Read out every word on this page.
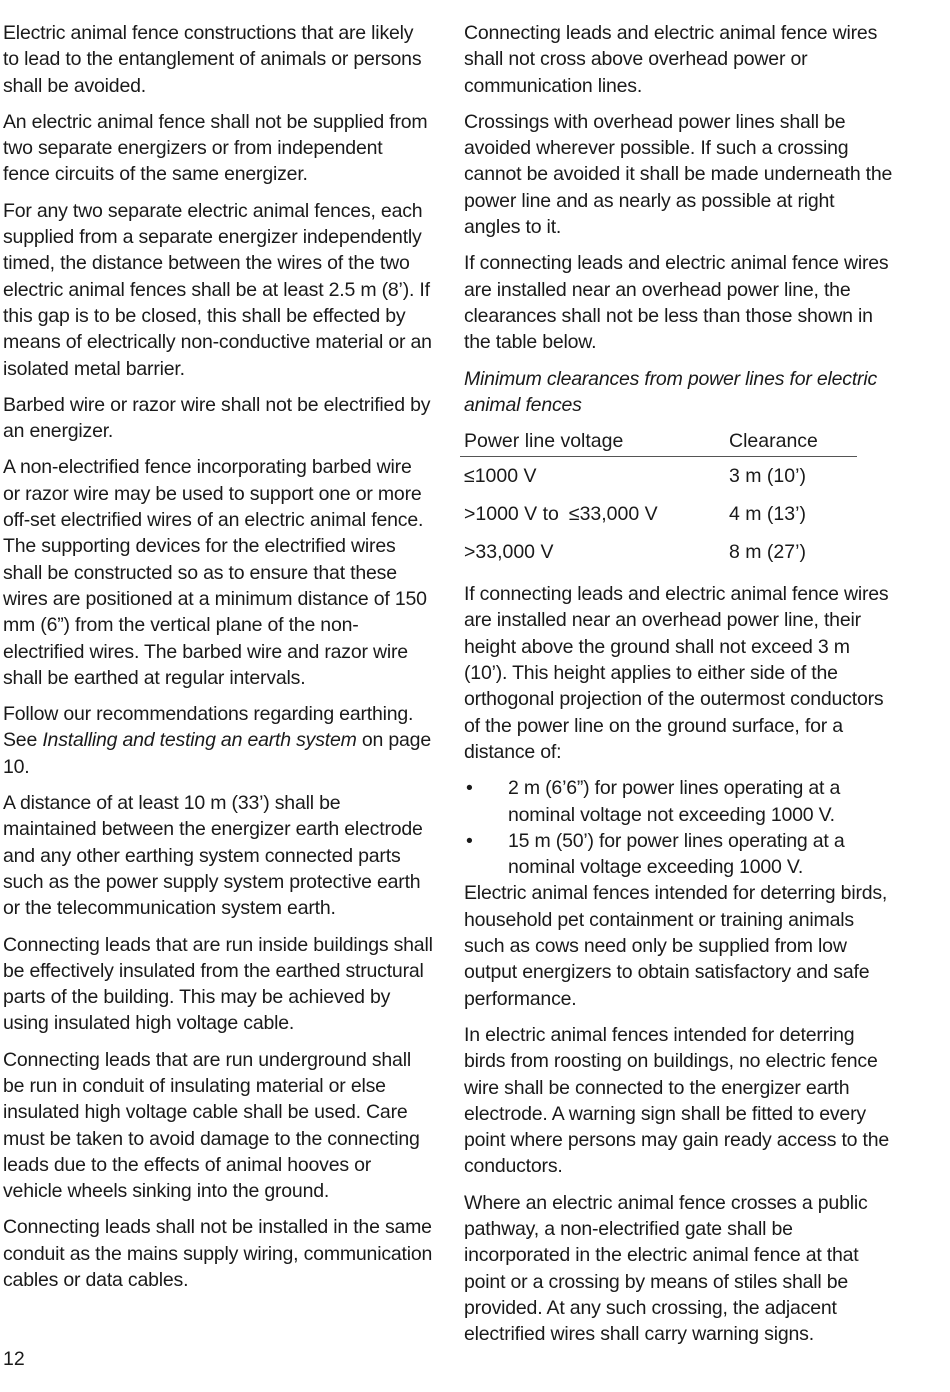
Electric animal fence constructions that are likely to lead to the entanglement of animals or persons shall be avoided.

An electric animal fence shall not be supplied from two separate energizers or from independent fence circuits of the same energizer.

For any two separate electric animal fences, each supplied from a separate energizer independently timed, the distance between the wires of the two electric animal fences shall be at least 2.5 m (8’). If this gap is to be closed, this shall be effected by means of electrically non-conductive material or an isolated metal barrier.

Barbed wire or razor wire shall not be electrified by an energizer.

A non-electrified fence incorporating barbed wire or razor wire may be used to support one or more off-set electrified wires of an electric animal fence. The supporting devices for the electrified wires shall be constructed so as to ensure that these wires are positioned at a minimum distance of 150 mm (6”) from the vertical plane of the non-electrified wires. The barbed wire and razor wire shall be earthed at regular intervals.

Follow our recommendations regarding earthing. See Installing and testing an earth system on page 10.

A distance of at least 10 m (33’) shall be maintained between the energizer earth electrode and any other earthing system connected parts such as the power supply system protective earth or the telecommunication system earth.

Connecting leads that are run inside buildings shall be effectively insulated from the earthed structural parts of the building. This may be achieved by using insulated high voltage cable.

Connecting leads that are run underground shall be run in conduit of insulating material or else insulated high voltage cable shall be used. Care must be taken to avoid damage to the connecting leads due to the effects of animal hooves or vehicle wheels sinking into the ground.

Connecting leads shall not be installed in the same conduit as the mains supply wiring, communication cables or data cables.

Connecting leads and electric animal fence wires shall not cross above overhead power or communication lines.

Crossings with overhead power lines shall be avoided wherever possible. If such a crossing cannot be avoided it shall be made underneath the power line and as nearly as possible at right angles to it.

If connecting leads and electric animal fence wires are installed near an overhead power line, the clearances shall not be less than those shown in the table below.

Minimum clearances from power lines for electric animal fences

Power line voltage	Clearance
≤1000 V	3 m (10’)
>1000 V to ≤33,000 V	4 m (13’)
>33,000 V	8 m (27’)

If connecting leads and electric animal fence wires are installed near an overhead power line, their height above the ground shall not exceed 3 m (10’). This height applies to either side of the orthogonal projection of the outermost conductors of the power line on the ground surface, for a distance of:

• 2 m (6’6”) for power lines operating at a nominal voltage not exceeding 1000 V.
• 15 m (50’) for power lines operating at a nominal voltage exceeding 1000 V.

Electric animal fences intended for deterring birds, household pet containment or training animals such as cows need only be supplied from low output energizers to obtain satisfactory and safe performance.

In electric animal fences intended for deterring birds from roosting on buildings, no electric fence wire shall be connected to the energizer earth electrode. A warning sign shall be fitted to every point where persons may gain ready access to the conductors.

Where an electric animal fence crosses a public pathway, a non-electrified gate shall be incorporated in the electric animal fence at that point or a crossing by means of stiles shall be provided. At any such crossing, the adjacent electrified wires shall carry warning signs.

12
